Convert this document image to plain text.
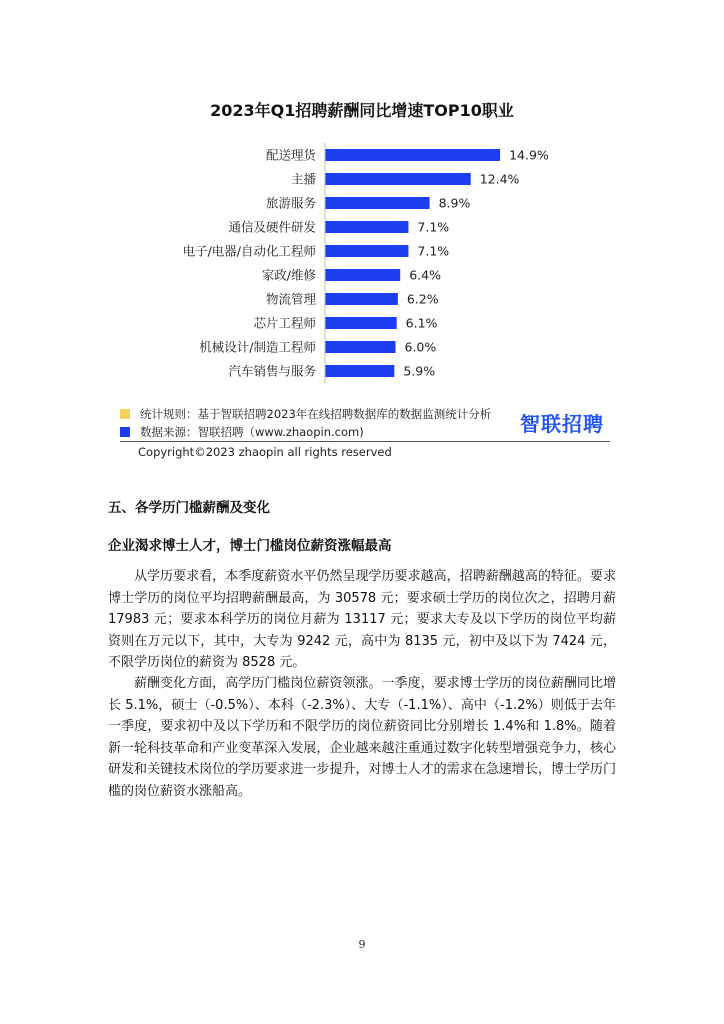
2023年Q1招聘薪酬同比增速TOP10职业
配送理货	14.9%
主播	12.4%
旅游服务	8.9%
通信及硬件研发	7.1%
电子/电器/自动化工程师	7.1%
家政/维修	6.4%
物流管理	6.2%
芯片工程师	6.1%
机械设计/制造工程师	6.0%
汽车销售与服务	5.9%
统计规则：基于智联招聘2023年在线招聘数据库的数据监测统计分析
数据来源：智联招聘（www.zhaopin.com)	智联招聘
Copyright©2023 zhaopin all rights reserved
五、各学历门槛薪酬及变化
企业渴求博士人才，博士门槛岗位薪资涨幅最高

从学历要求看，本季度薪资水平仍然呈现学历要求越高，招聘薪酬越高的特征。要求博士学历的岗位平均招聘薪酬最高，为 30578 元；要求硕士学历的岗位次之，招聘月薪 17983 元；要求本科学历的岗位月薪为 13117 元；要求大专及以下学历的岗位平均薪资则在万元以下，其中，大专为 9242 元，高中为 8135 元，初中及以下为 7424 元，不限学历岗位的薪资为 8528 元。

薪酬变化方面，高学历门槛岗位薪资领涨。一季度，要求博士学历的岗位薪酬同比增长 5.1%，硕士（-0.5%）、本科（-2.3%）、大专（-1.1%）、高中（-1.2%）则低于去年一季度，要求初中及以下学历和不限学历的岗位薪资同比分别增长 1.4%和 1.8%。随着新一轮科技革命和产业变革深入发展，企业越来越注重通过数字化转型增强竞争力，核心研发和关键技术岗位的学历要求进一步提升，对博士人才的需求在急速增长，博士学历门槛的岗位薪资水涨船高。

9
